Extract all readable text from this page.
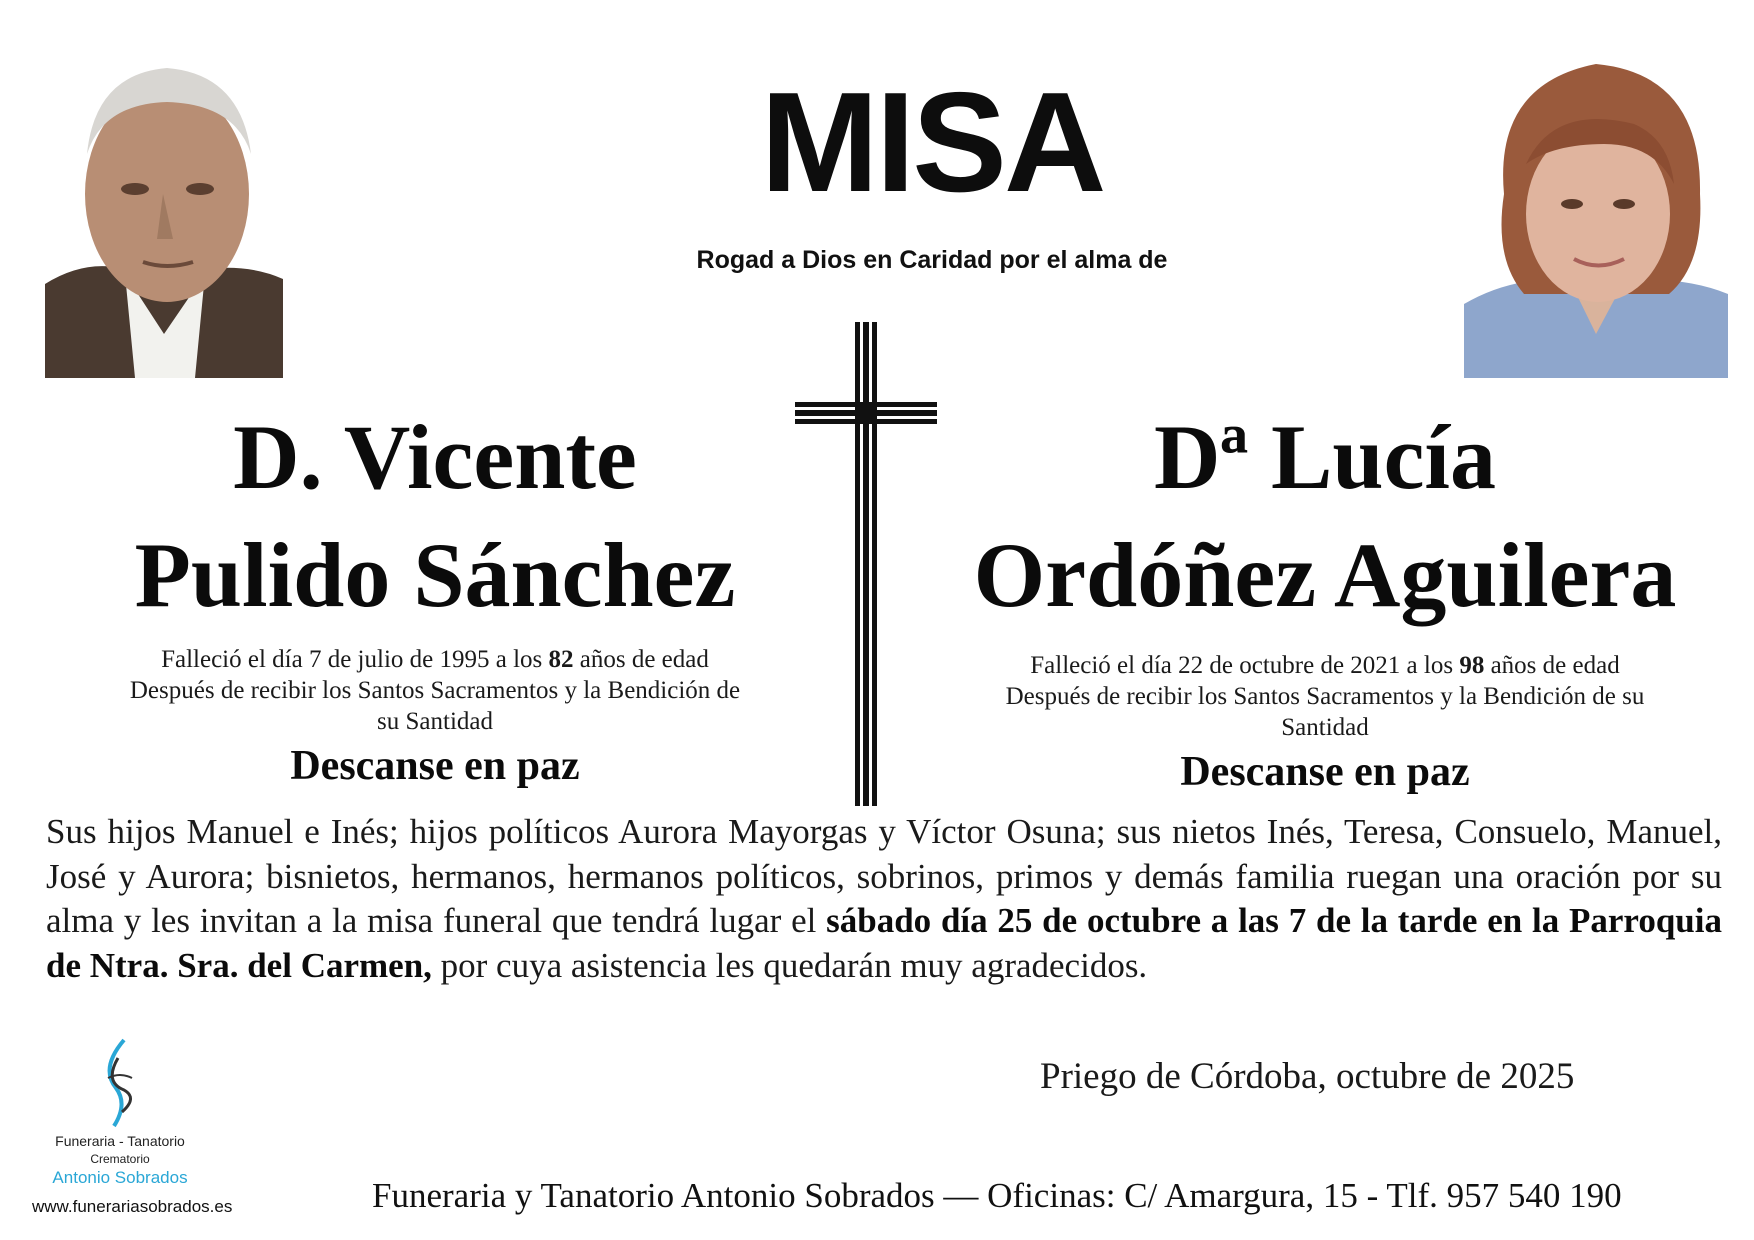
MISA
Rogad a Dios en Caridad por el alma de
D. Vicente
Pulido Sánchez
Falleció el día 7 de julio de 1995 a los 82 años de edad
Después de recibir los Santos Sacramentos y la Bendición de
su Santidad
Descanse en paz
Dª Lucía
Ordóñez Aguilera
Falleció el día 22 de octubre de 2021 a los 98 años de edad
Después de recibir los Santos Sacramentos y la Bendición de su
Santidad
Descanse en paz
Sus hijos Manuel e Inés; hijos políticos Aurora Mayorgas y Víctor Osuna; sus nietos Inés, Teresa, Consuelo, Manuel, José y Aurora; bisnietos, hermanos, hermanos políticos, sobrinos, primos y demás familia ruegan una oración por su alma y les invitan a la misa funeral que tendrá lugar el sábado día 25 de octubre a las 7 de la tarde en la Parroquia de Ntra. Sra. del Carmen, por cuya asistencia les quedarán muy agradecidos.
Priego de Córdoba, octubre de 2025
Funeraria - Tanatorio
Crematorio
Antonio Sobrados
www.funerariasobrados.es	Funeraria y Tanatorio Antonio Sobrados — Oficinas: C/ Amargura, 15 - Tlf. 957 540 190
